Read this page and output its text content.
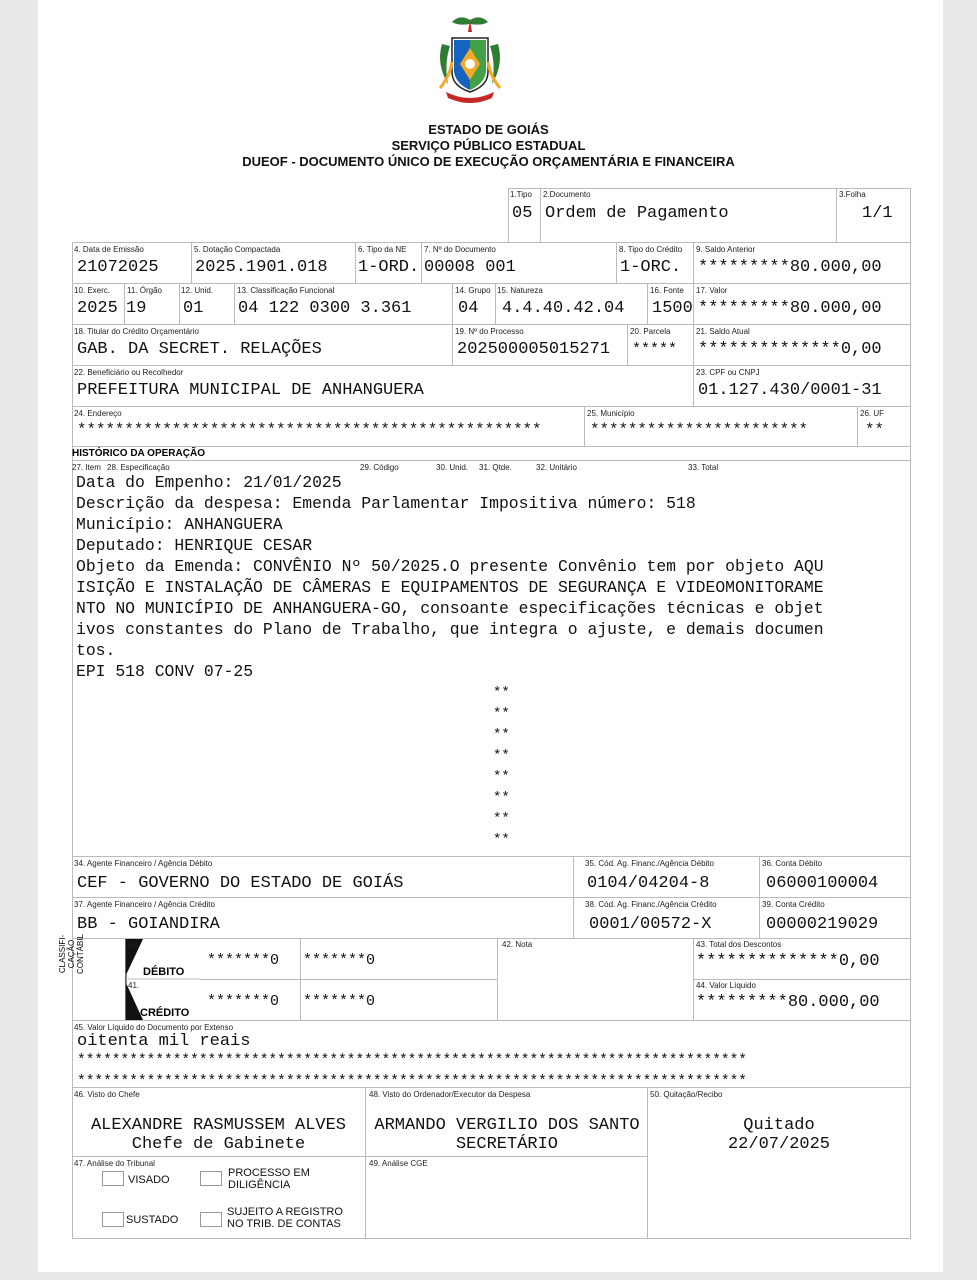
ESTADO DE GOIÁS
SERVIÇO PÚBLICO ESTADUAL
DUEOF - DOCUMENTO ÚNICO DE EXECUÇÃO ORÇAMENTÁRIA E FINANCEIRA
1.Tipo
05
2.Documento
Ordem de Pagamento
3.Folha
1/1
4. Data de Emissão
21072025
5. Dotação Compactada
2025.1901.018
6. Tipo da NE
1-ORD.
7. Nº do Documento
00008 001
8. Tipo do Crédito
1-ORC.
9. Saldo Anterior
*********80.000,00
10. Exerc.
2025
11. Órgão
19
12. Unid.
01
13. Classificação Funcional
04 122 0300 3.361
14. Grupo
04
15. Natureza
4.4.40.42.04
16. Fonte
1500
17. Valor
*********80.000,00
18. Titular do Crédito Orçamentário
GAB. DA SECRET. RELAÇÕES
19. Nº do Processo
202500005015271
20. Parcela
*****
21. Saldo Atual
**************0,00
22. Beneficiário ou Recolhedor
PREFEITURA MUNICIPAL DE ANHANGUERA
23. CPF ou CNPJ
01.127.430/0001-31
24. Endereço
*************************************************
25. Município
***********************
26. UF
**
HISTÓRICO DA OPERAÇÃO
27. Item 28. Especificação	29. Código	30. Unid. 31. Qtde.	32. Unitário	33. Total
Data do Empenho: 21/01/2025
Descrição da despesa: Emenda Parlamentar Impositiva número: 518
Município: ANHANGUERA
Deputado: HENRIQUE CESAR
Objeto da Emenda: CONVÊNIO Nº 50/2025.O presente Convênio tem por objeto AQU
ISIÇÃO E INSTALAÇÃO DE CÂMERAS E EQUIPAMENTOS DE SEGURANÇA E VIDEOMONITORAME
NTO NO MUNICÍPIO DE ANHANGUERA-GO, consoante especificações técnicas e objet
ivos constantes do Plano de Trabalho, que integra o ajuste, e demais documen
tos.
EPI 518 CONV 07-25
**
**
**
**
**
**
**
**
34. Agente Financeiro / Agência Débito
CEF - GOVERNO DO ESTADO DE GOIÁS
35. Cód. Ag. Financ./Agência Débito
0104/04204-8
36. Conta Débito
06000100004
37. Agente Financeiro / Agência Crédito
BB - GOIANDIRA
38. Cód. Ag. Financ./Agência Crédito
0001/00572-X
39. Conta Crédito
00000219029
CLASSIFI- CAÇÃO CONTÁBIL	40.
41.
DÉBITO
CRÉDITO
*******0 *******0
*******0 *******0
42. Nota	43. Total dos Descontos
**************0,00
44. Valor Líquido
*********80.000,00
45. Valor Líquido do Documento por Extenso
oitenta mil reais
*****************************************************************************
*****************************************************************************
46. Visto do Chefe
ALEXANDRE RASMUSSEM ALVES
Chefe de Gabinete
48. Visto do Ordenador/Executor da Despesa
ARMANDO VERGILIO DOS SANTO
SECRETÁRIO
50. Quitação/Recibo
Quitado
22/07/2025
47. Análise do Tribunal
VISADO
PROCESSO EM DILIGÊNCIA
SUSTADO
SUJEITO A REGISTRO NO TRIB. DE CONTAS
49. Análise CGE
